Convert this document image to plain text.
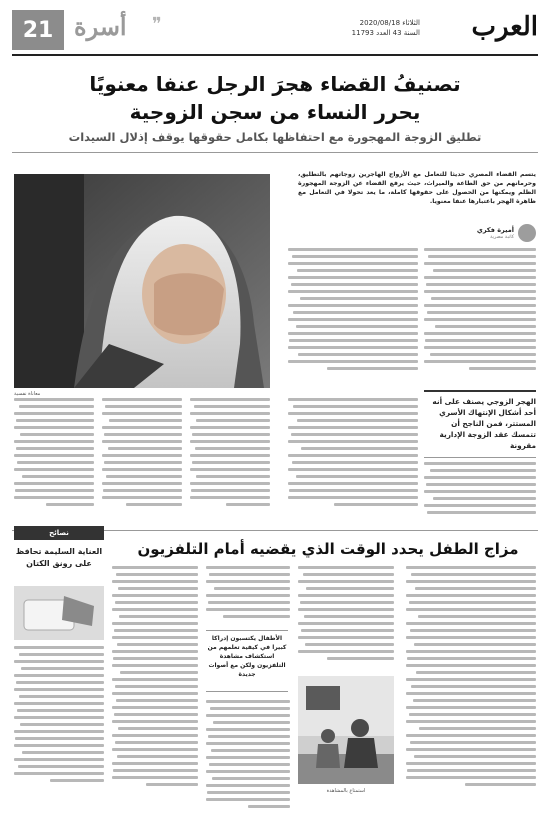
العرب
2020/08/18 الثلاثاء
11793 السنة 43 العدد
❞
أسرة
21
تصنيفُ القضاء هجرَ الرجل عنفا معنويًا
يحرر النساء من سجن الزوجية
تطليق الزوجة المهجورة مع احتفاظها بكامل حقوقها يوقف إذلال السيدات
يتسم القضاء المصري حديثا للتعامل مع الأزواج الهاجرين زوجاتهم بالتطليق، وحرمانهم من حق الطاعة والميراث، حيث يرفع القضاء عن الزوجة المهجورة الظلم ويمكنها من الحصول على حقوقها كاملة، ما يعد تحولا في التعامل مع ظاهرة الهجر باعتبارها عنفا معنويا.
معاناة نفسية
أميرة فكري
كاتبة مصرية
الهجر الزوجي يصنف على أنه أحد أشكال الإنتهاك الأسري المستتر، فمن الناجح أن تتمسك عقد الزوجة الإدارية مقرونة
نصائح
العناية السليمة تحافظ على رونق الكتان
مزاج الطفل يحدد الوقت الذي يقضيه أمام التلفزيون
الأطفال يكتسبون إدراكا كبيرا في كيفية تعلمهم من استكشاف مشاهدة التلفزيون ولكن مع أصوات جديدة
استمتاع بالمشاهدة
